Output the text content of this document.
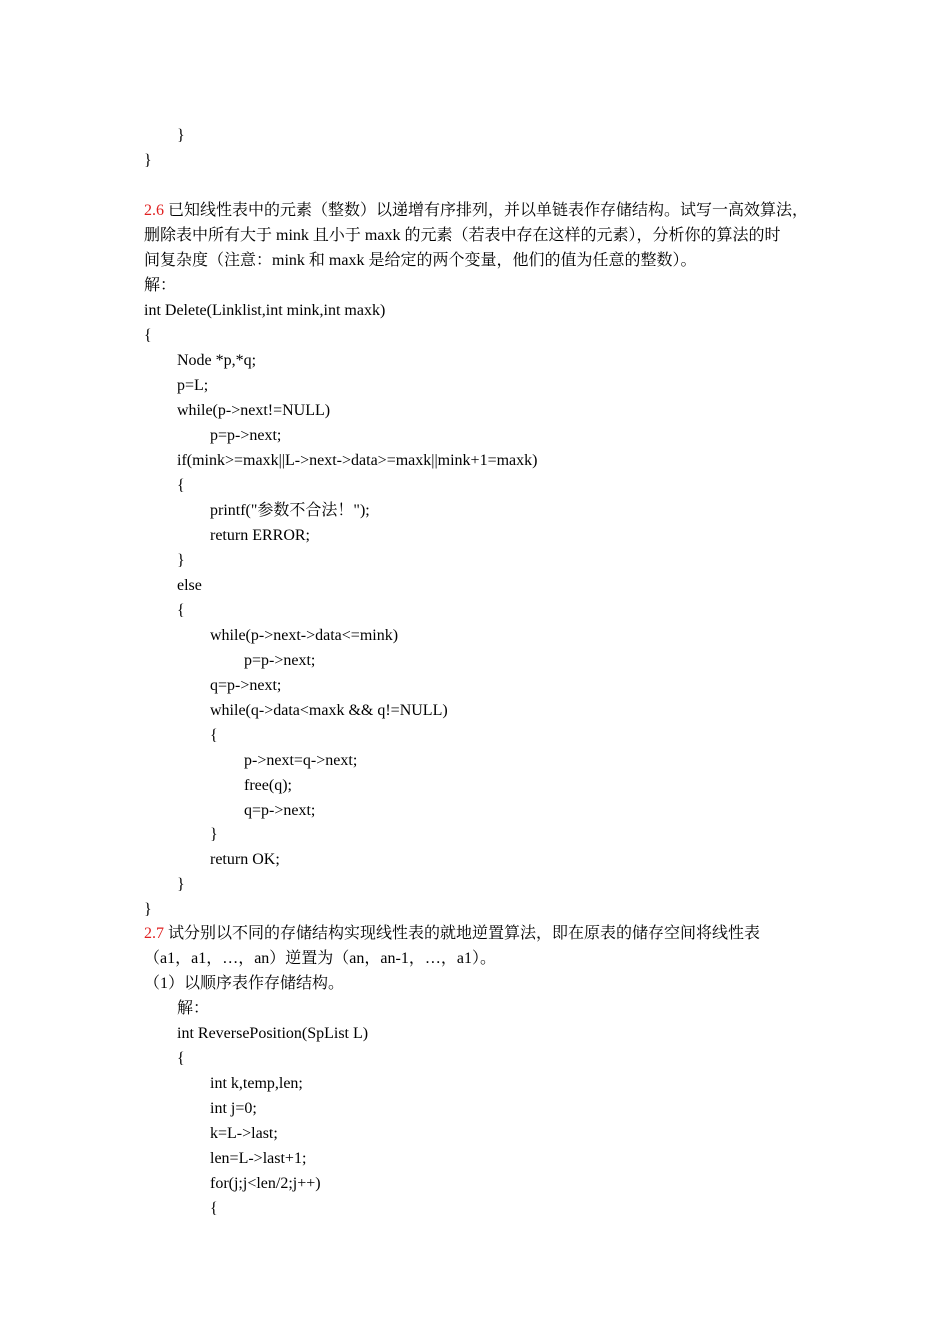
}
}
2.6 已知线性表中的元素（整数）以递增有序排列，并以单链表作存储结构。试写一高效算法，
删除表中所有大于 mink 且小于 maxk 的元素（若表中存在这样的元素），分析你的算法的时
间复杂度（注意：mink 和 maxk 是给定的两个变量，他们的值为任意的整数）。
解：
int Delete(Linklist,int mink,int maxk)
{
Node *p,*q;
p=L;
while(p->next!=NULL)
p=p->next;
if(mink>=maxk||L->next->data>=maxk||mink+1=maxk)
{
printf("参数不合法！");
return ERROR;
}
else
{
while(p->next->data<=mink)
p=p->next;
q=p->next;
while(q->data<maxk && q!=NULL)
{
p->next=q->next;
free(q);
q=p->next;
}
return OK;
}
}
2.7 试分别以不同的存储结构实现线性表的就地逆置算法，即在原表的储存空间将线性表
（a1，a1，…，an）逆置为（an，an-1，…，a1）。
（1）以顺序表作存储结构。
解：
int ReversePosition(SpList L)
{
int k,temp,len;
int j=0;
k=L->last;
len=L->last+1;
for(j;j<len/2;j++)
{
